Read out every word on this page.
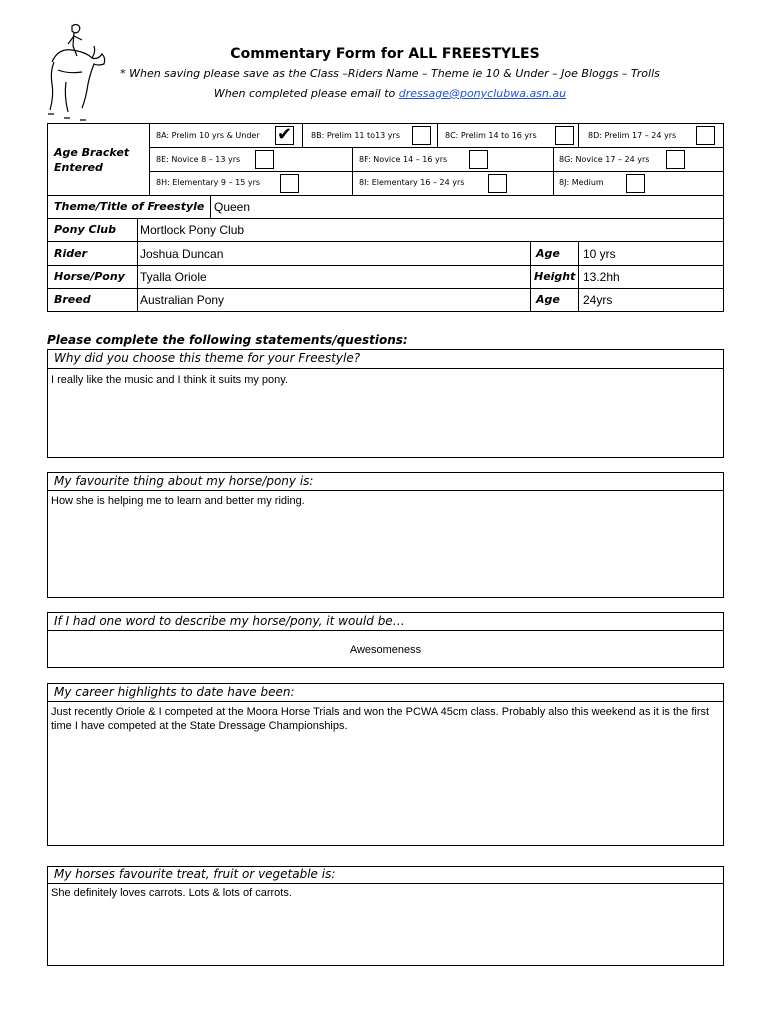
Commentary Form for ALL FREESTYLES
* When saving please save as the Class –Riders Name – Theme ie 10 & Under – Joe Bloggs – Trolls
When completed please email to dressage@ponyclubwa.asn.au
Age Bracket Entered
8A: Prelim 10 yrs & Under ✔ 8B: Prelim 11 to13 yrs	8C: Prelim 14 to 16 yrs	8D: Prelim 17 – 24 yrs
8E: Novice 8 – 13 yrs	8F: Novice 14 – 16 yrs	8G: Novice 17 – 24 yrs
8H: Elementary 9 – 15 yrs	8I: Elementary 16 – 24 yrs	8J: Medium
Theme/Title of Freestyle Queen
Pony Club Mortlock Pony Club
Rider	Joshua Duncan	Age 10 yrs
Horse/Pony Tyalla Oriole	Height 13.2hh
Breed	Australian Pony	Age 24yrs
Please complete the following statements/questions:
Why did you choose this theme for your Freestyle?
I really like the music and I think it suits my pony.
My favourite thing about my horse/pony is:
How she is helping me to learn and better my riding.
If I had one word to describe my horse/pony, it would be…
Awesomeness
My career highlights to date have been:
Just recently Oriole & I competed at the Moora Horse Trials and won the PCWA 45cm class. Probably also this weekend as it is the first time I have competed at the State Dressage Championships.
My horses favourite treat, fruit or vegetable is:
She definitely loves carrots. Lots & lots of carrots.
